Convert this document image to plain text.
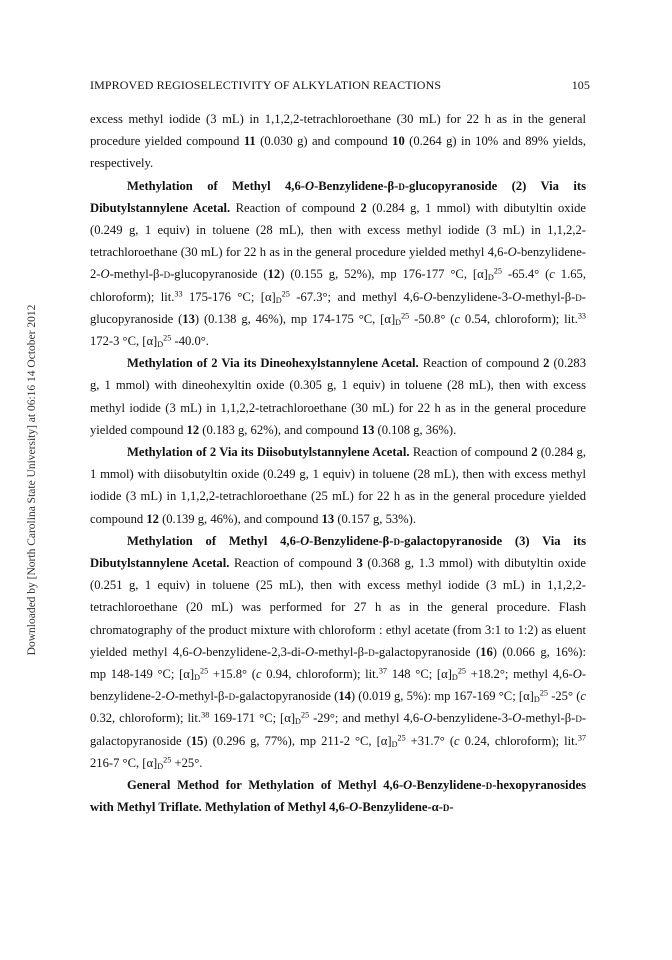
IMPROVED REGIOSELECTIVITY OF ALKYLATION REACTIONS	105
Downloaded by [North Carolina State University] at 06:16 14 October 2012

excess methyl iodide (3 mL) in 1,1,2,2-tetrachloroethane (30 mL) for 22 h as in the general procedure yielded compound 11 (0.030 g) and compound 10 (0.264 g) in 10% and 89% yields, respectively.

Methylation of Methyl 4,6-O-Benzylidene-β-d-glucopyranoside (2) Via its Dibutylstannylene Acetal. Reaction of compound 2 (0.284 g, 1 mmol) with dibutyltin oxide (0.249 g, 1 equiv) in toluene (28 mL), then with excess methyl iodide (3 mL) in 1,1,2,2-tetrachloroethane (30 mL) for 22 h as in the general procedure yielded methyl 4,6-O-benzylidene-2-O-methyl-β-d-glucopyranoside (12) (0.155 g, 52%), mp 176-177 °C, $[\alpha]_D^{25}$ -65.4° (c 1.65, chloroform); lit.$^{33}$ 175-176 °C; $[\alpha]_D^{25}$ -67.3°; and methyl 4,6-O-benzylidene-3-O-methyl-β-d-glucopyranoside (13) (0.138 g, 46%), mp 174-175 °C, $[\alpha]_D^{25}$ -50.8° (c 0.54, chloroform); lit.$^{33}$ 172-3 °C, $[\alpha]_D^{25}$ -40.0°.

Methylation of 2 Via its Dineohexylstannylene Acetal. Reaction of compound 2 (0.283 g, 1 mmol) with dineohexyltin oxide (0.305 g, 1 equiv) in toluene (28 mL), then with excess methyl iodide (3 mL) in 1,1,2,2-tetrachloroethane (30 mL) for 22 h as in the general procedure yielded compound 12 (0.183 g, 62%), and compound 13 (0.108 g, 36%).

Methylation of 2 Via its Diisobutylstannylene Acetal. Reaction of compound 2 (0.284 g, 1 mmol) with diisobutyltin oxide (0.249 g, 1 equiv) in toluene (28 mL), then with excess methyl iodide (3 mL) in 1,1,2,2-tetrachloroethane (25 mL) for 22 h as in the general procedure yielded compound 12 (0.139 g, 46%), and compound 13 (0.157 g, 53%).

Methylation of Methyl 4,6-O-Benzylidene-β-d-galactopyranoside (3) Via its Dibutylstannylene Acetal. Reaction of compound 3 (0.368 g, 1.3 mmol) with dibutyltin oxide (0.251 g, 1 equiv) in toluene (25 mL), then with excess methyl iodide (3 mL) in 1,1,2,2-tetrachloroethane (20 mL) was performed for 27 h as in the general procedure. Flash chromatography of the product mixture with chloroform : ethyl acetate (from 3:1 to 1:2) as eluent yielded methyl 4,6-O-benzylidene-2,3-di-O-methyl-β-d-galactopyranoside (16) (0.066 g, 16%): mp 148-149 °C; $[\alpha]_D^{25} +15.8^\circ$ (c 0.94, chloroform); lit.$^{37}$ 148 °C; $[\alpha]_D^{25} +18.2^\circ$; methyl 4,6-O-benzylidene-2-O-methyl-β-d-galactopyranoside (14) (0.019 g, 5%): mp 167-169 °C; $[\alpha]_D^{25}$ -25° (c 0.32, chloroform); lit.$^{38}$ 169-171 °C; $[\alpha]_D^{25}$ -29°; and methyl 4,6-O-benzylidene-3-O-methyl-β-d-galactopyranoside (15) (0.296 g, 77%), mp 211-2 °C, $[\alpha]_D^{25} +31.7^\circ$ (c 0.24, chloroform); lit.$^{37}$ 216-7 °C, $[\alpha]_D^{25} +25^\circ$.

General Method for Methylation of Methyl 4,6-O-Benzylidene-d-hexopyranosides with Methyl Triflate. Methylation of Methyl 4,6-O-Benzylidene-α-d-
